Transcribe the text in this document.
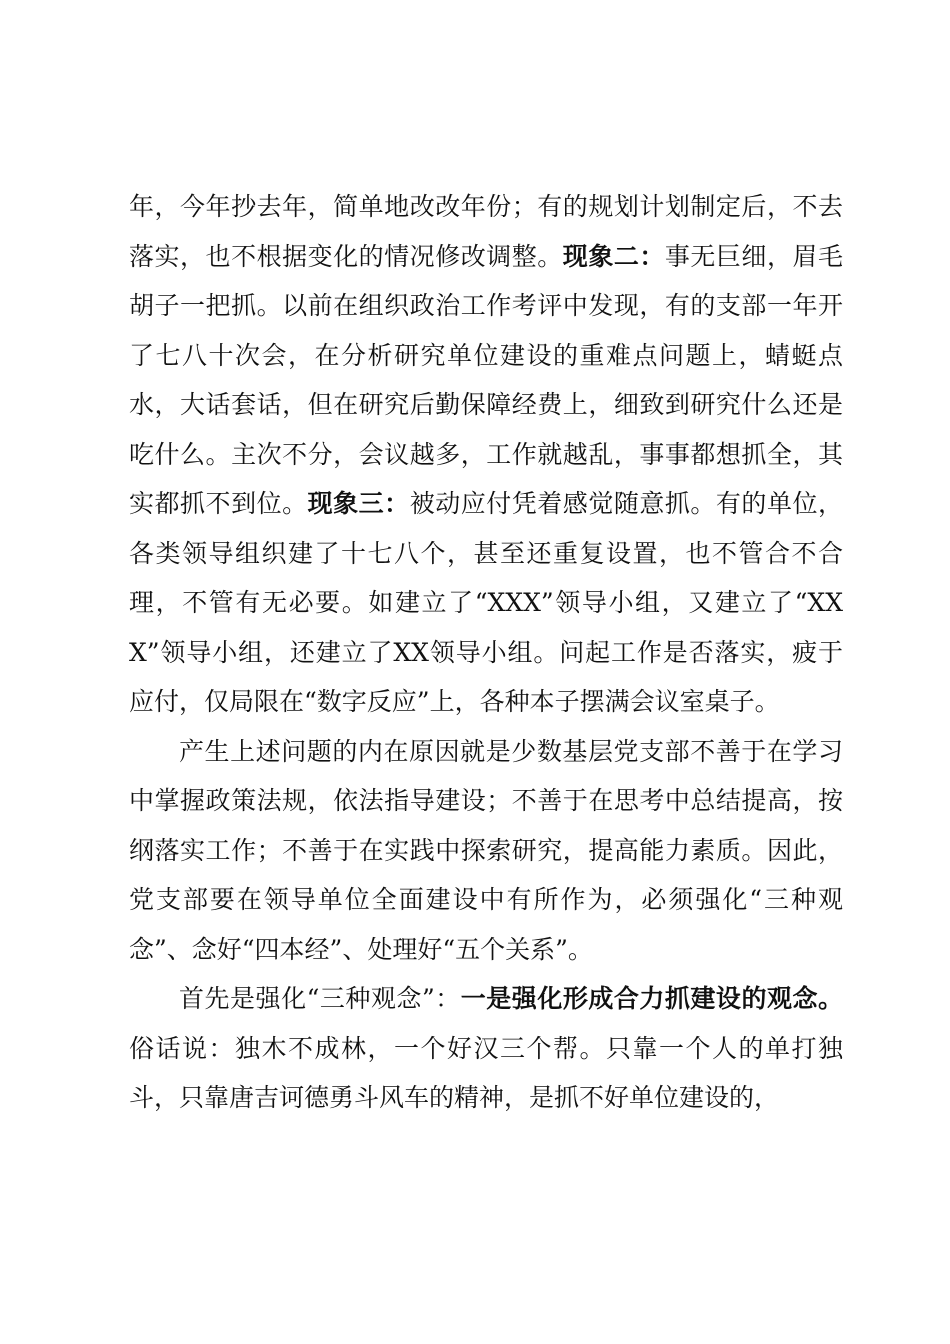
年，今年抄去年，简单地改改年份；有的规划计划制定后，不去落实，也不根据变化的情况修改调整。现象二：事无巨细，眉毛胡子一把抓。以前在组织政治工作考评中发现，有的支部一年开了七八十次会，在分析研究单位建设的重难点问题上，蜻蜓点水，大话套话，但在研究后勤保障经费上，细致到研究什么还是吃什么。主次不分，会议越多，工作就越乱，事事都想抓全，其实都抓不到位。现象三：被动应付凭着感觉随意抓。有的单位，各类领导组织建了十七八个，甚至还重复设置，也不管合不合理，不管有无必要。如建立了“XXX”领导小组，又建立了“XXX”领导小组，还建立了XX领导小组。问起工作是否落实，疲于应付，仅局限在“数字反应”上，各种本子摆满会议室桌子。

产生上述问题的内在原因就是少数基层党支部不善于在学习中掌握政策法规，依法指导建设；不善于在思考中总结提高，按纲落实工作；不善于在实践中探索研究，提高能力素质。因此，党支部要在领导单位全面建设中有所作为，必须强化“三种观念”、念好“四本经”、处理好“五个关系”。

首先是强化“三种观念”：一是强化形成合力抓建设的观念。俗话说：独木不成林，一个好汉三个帮。只靠一个人的单打独斗，只靠唐吉诃德勇斗风车的精神，是抓不好单位建设的，
